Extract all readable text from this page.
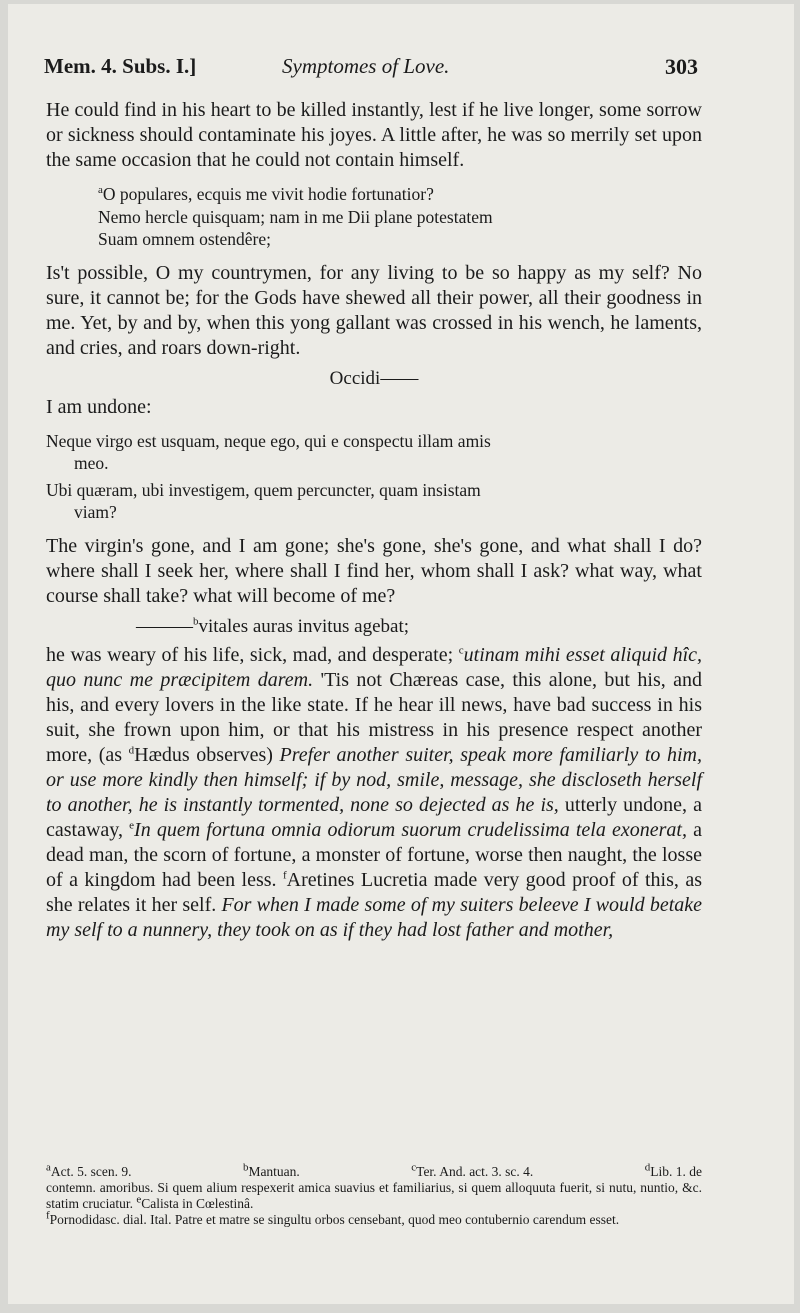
Mem. 4. Subs. I.]	Symptomes of Love.	303

He could find in his heart to be killed instantly, lest if he live longer, some sorrow or sickness should contaminate his joyes. A little after, he was so merrily set upon the same occasion that he could not contain himself.

$^a$O populares, ecquis me vivit hodie fortunatior?
Nemo hercle quisquam; nam in me Dii plane potestatem
Suam omnem ostendêre;

Is't possible, O my countrymen, for any living to be so happy as my self? No sure, it cannot be; for the Gods have shewed all their power, all their goodness in me. Yet, by and by, when this yong gallant was crossed in his wench, he laments, and cries, and roars down-right.

Occidi——

I am undone:

Neque virgo est usquam, neque ego, qui e conspectu illam amis
meo.
Ubi quæram, ubi investigem, quem percuncter, quam insistam
viam?

The virgin's gone, and I am gone; she's gone, she's gone, and what shall I do? where shall I seek her, where shall I find her, whom shall I ask? what way, what course shall take? what will become of me?

———$^b$vitales auras invitus agebat;

he was weary of his life, sick, mad, and desperate; $^c$utinam mihi esset aliquid hîc, quo nunc me præcipitem darem. 'Tis not Chæreas case, this alone, but his, and his, and every lovers in the like state. If he hear ill news, have bad success in his suit, she frown upon him, or that his mistress in his presence respect another more, (as $^d$Hædus observes) Prefer another suiter, speak more familiarly to him, or use more kindly then himself; if by nod, smile, message, she discloseth herself to another, he is instantly tormented, none so dejected as he is, utterly undone, a castaway, $^e$In quem fortuna omnia odiorum suorum crudelissima tela exonerat, a dead man, the scorn of fortune, a monster of fortune, worse then naught, the losse of a kingdom had been less. $^f$Aretines Lucretia made very good proof of this, as she relates it her self. For when I made some of my suiters beleeve I would betake my self to a nunnery, they took on as if they had lost father and mother,

$^a$Act. 5. scen. 9.	$^b$Mantuan.	$^c$Ter. And. act. 3. sc. 4.	$^d$Lib. 1. de

contemn. amoribus. Si quem alium respexerit amica suavius et familiarius, si quem alloquuta fuerit, si nutu, nuntio, &c. statim cruciatur. $^e$Calista in Cœlestinâ.

$^f$Pornodidasc. dial. Ital. Patre et matre se singultu orbos censebant, quod meo contubernio carendum esset.
